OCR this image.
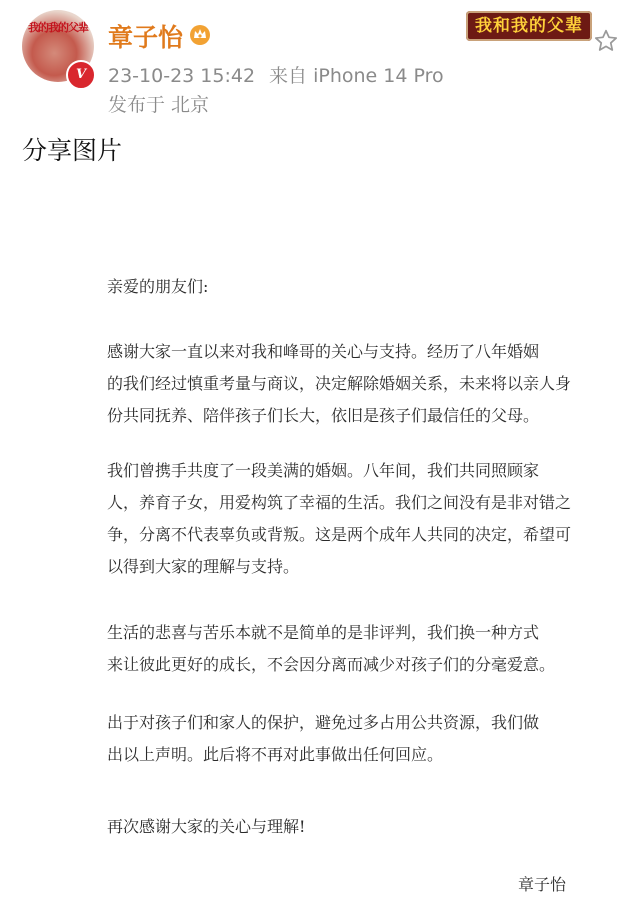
我的我的父辈
V
章子怡
23-10-23 15:42 来自 iPhone 14 Pro
发布于 北京
我和我的父辈
分享图片
亲爱的朋友们:
感谢大家一直以来对我和峰哥的关心与支持。经历了八年婚姻
的我们经过慎重考量与商议，决定解除婚姻关系，未来将以亲人身
份共同抚养、陪伴孩子们长大，依旧是孩子们最信任的父母。
我们曾携手共度了一段美满的婚姻。八年间，我们共同照顾家
人，养育子女，用爱构筑了幸福的生活。我们之间没有是非对错之
争，分离不代表辜负或背叛。这是两个成年人共同的决定，希望可
以得到大家的理解与支持。
生活的悲喜与苦乐本就不是简单的是非评判，我们换一种方式
来让彼此更好的成长，不会因分离而减少对孩子们的分毫爱意。
出于对孩子们和家人的保护，避免过多占用公共资源，我们做
出以上声明。此后将不再对此事做出任何回应。
再次感谢大家的关心与理解!
章子怡
